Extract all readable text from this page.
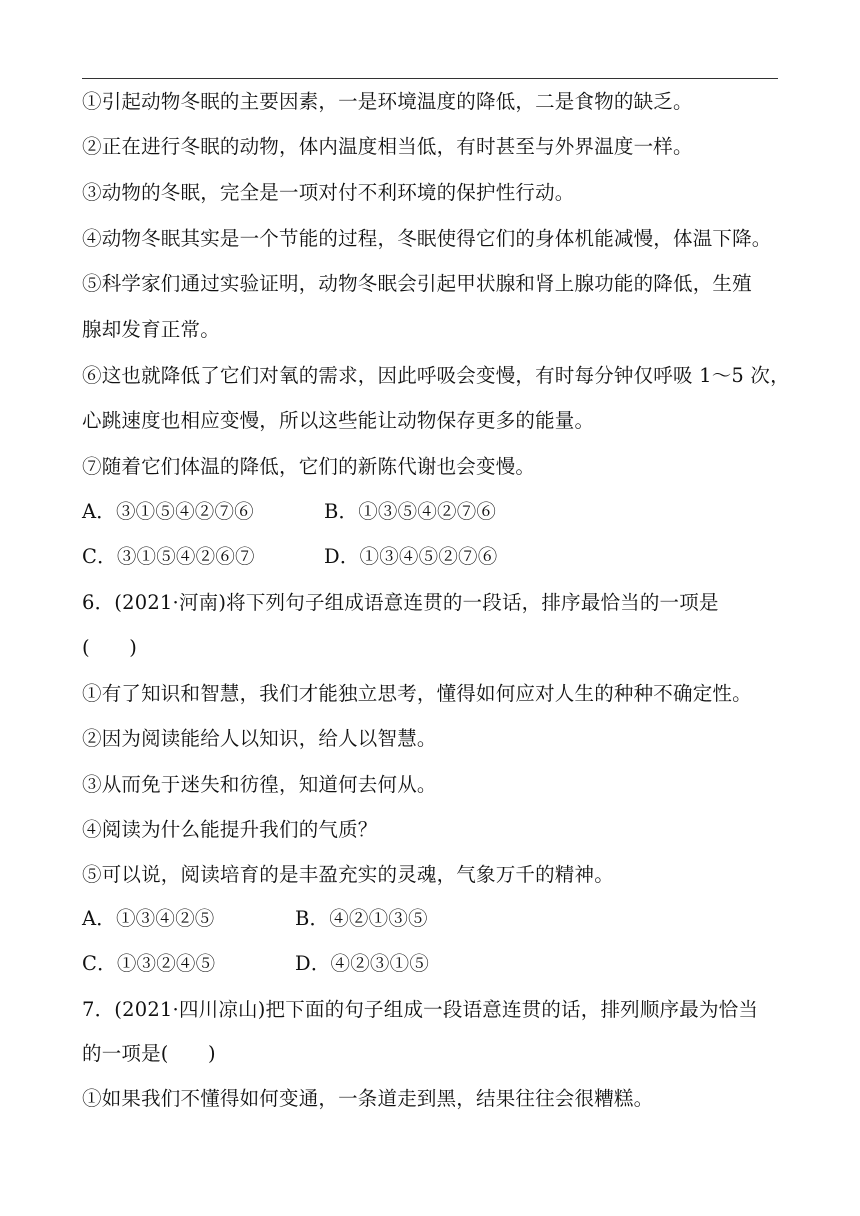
①引起动物冬眠的主要因素，一是环境温度的降低，二是食物的缺乏。
②正在进行冬眠的动物，体内温度相当低，有时甚至与外界温度一样。
③动物的冬眠，完全是一项对付不利环境的保护性行动。
④动物冬眠其实是一个节能的过程，冬眠使得它们的身体机能减慢，体温下降。
⑤科学家们通过实验证明，动物冬眠会引起甲状腺和肾上腺功能的降低，生殖
腺却发育正常。
⑥这也就降低了它们对氧的需求，因此呼吸会变慢，有时每分钟仅呼吸 1～5 次，
心跳速度也相应变慢，所以这些能让动物保存更多的能量。
⑦随着它们体温的降低，它们的新陈代谢也会变慢。
A．③①⑤④②⑦⑥	B．①③⑤④②⑦⑥
C．③①⑤④②⑥⑦	D．①③④⑤②⑦⑥
6．(2021·河南)将下列句子组成语意连贯的一段话，排序最恰当的一项是
(　　)
①有了知识和智慧，我们才能独立思考，懂得如何应对人生的种种不确定性。
②因为阅读能给人以知识，给人以智慧。
③从而免于迷失和彷徨，知道何去何从。
④阅读为什么能提升我们的气质？
⑤可以说，阅读培育的是丰盈充实的灵魂，气象万千的精神。
A．①③④②⑤	B．④②①③⑤
C．①③②④⑤	D．④②③①⑤
7．(2021·四川凉山)把下面的句子组成一段语意连贯的话，排列顺序最为恰当
的一项是(　　)
①如果我们不懂得如何变通，一条道走到黑，结果往往会很糟糕。
